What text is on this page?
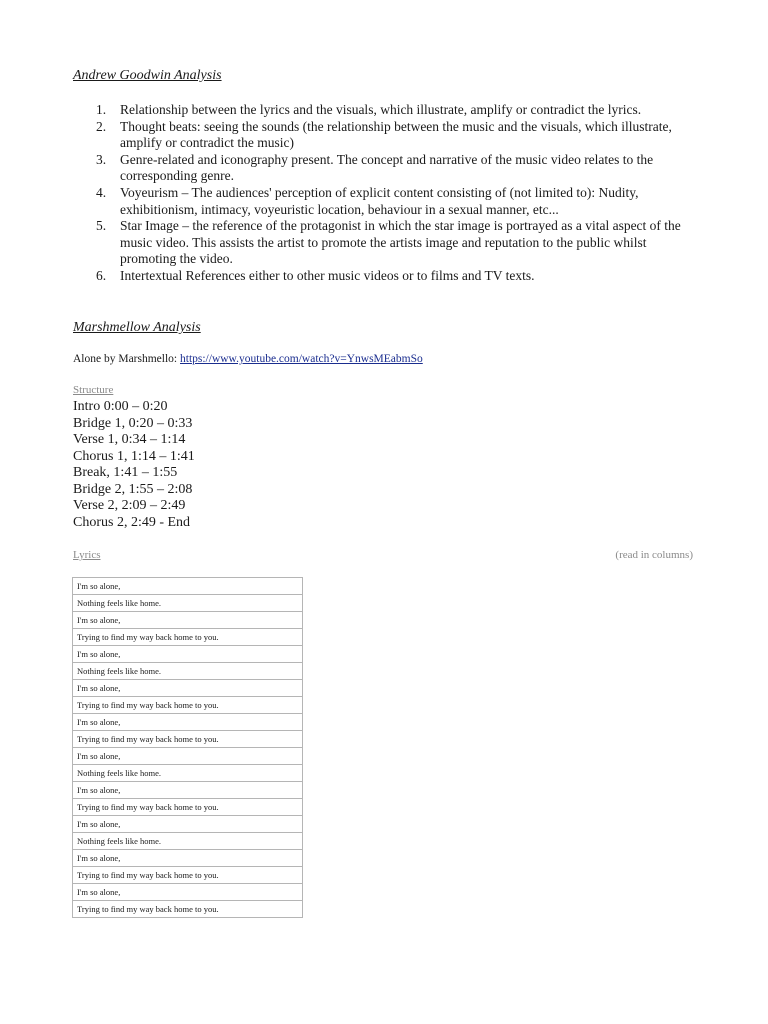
Andrew Goodwin Analysis
1. Relationship between the lyrics and the visuals, which illustrate, amplify or contradict the lyrics.
2. Thought beats: seeing the sounds (the relationship between the music and the visuals, which illustrate, amplify or contradict the music)
3. Genre-related and iconography present. The concept and narrative of the music video relates to the corresponding genre.
4. Voyeurism – The audiences' perception of explicit content consisting of (not limited to): Nudity, exhibitionism, intimacy, voyeuristic location, behaviour in a sexual manner, etc...
5. Star Image – the reference of the protagonist in which the star image is portrayed as a vital aspect of the music video. This assists the artist to promote the artists image and reputation to the public whilst promoting the video.
6. Intertextual References either to other music videos or to films and TV texts.
Marshmellow Analysis

Alone by Marshmello: https://www.youtube.com/watch?v=YnwsMEabmSo

Structure

Intro 0:00 – 0:20
Bridge 1, 0:20 – 0:33
Verse 1, 0:34 – 1:14
Chorus 1, 1:14 – 1:41
Break, 1:41 – 1:55
Bridge 2, 1:55 – 2:08
Verse 2, 2:09 – 2:49
Chorus 2, 2:49 - End

Lyrics	(read in columns)

I'm so alone,
Nothing feels like home.
I'm so alone,
Trying to find my way back home to you.
I'm so alone,
Nothing feels like home.
I'm so alone,
Trying to find my way back home to you.
I'm so alone,
Trying to find my way back home to you.
I'm so alone,
Nothing feels like home.
I'm so alone,
Trying to find my way back home to you.
I'm so alone,
Nothing feels like home.
I'm so alone,
Trying to find my way back home to you.
I'm so alone,
Trying to find my way back home to you.
